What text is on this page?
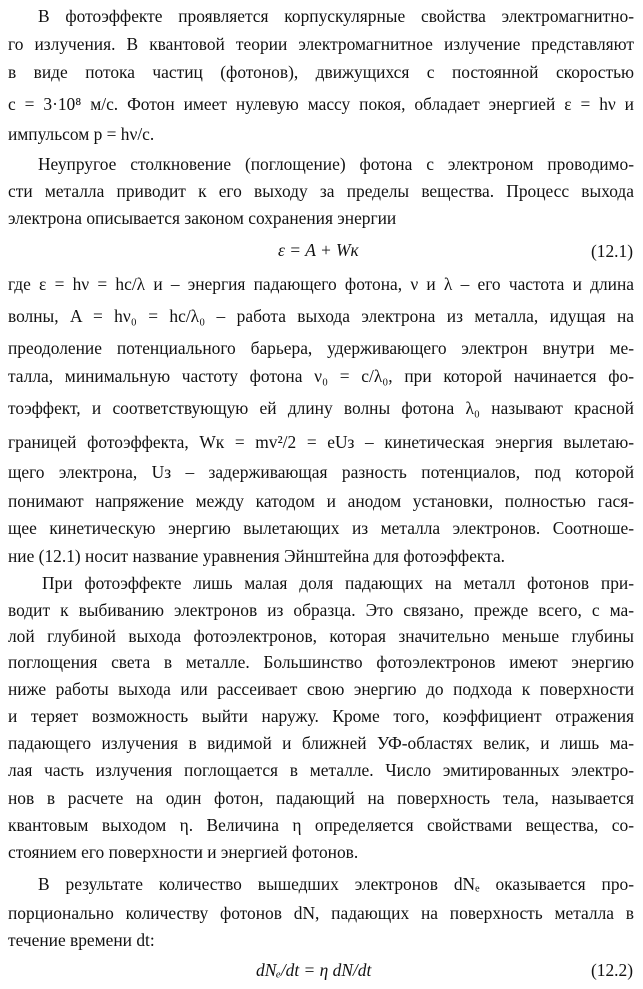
В фотоэффекте проявляется корпускулярные свойства электромагнитно-
го излучения. В квантовой теории электромагнитное излучение представляют
в виде потока частиц (фотонов), движущихся с постоянной скоростью
c = 3·10⁸ м/с. Фотон имеет нулевую массу покоя, обладает энергией ε = hν и
импульсом p = hν/c.
Неупругое столкновение (поглощение) фотона с электроном проводимо-
сти металла приводит к его выходу за пределы вещества. Процесс выхода
электрона описывается законом сохранения энергии
ε = A + Wк	(12.1)
где ε = hν = hc/λ и – энергия падающего фотона, ν и λ – его частота и длина
волны, A = hν₀ = hc/λ₀ – работа выхода электрона из металла, идущая на
преодоление потенциального барьера, удерживающего электрон внутри ме-
талла, минимальную частоту фотона ν₀ = c/λ₀, при которой начинается фо-
тоэффект, и соответствующую ей длину волны фотона λ₀ называют красной
границей фотоэффекта, Wк = mv²/2 = eUз – кинетическая энергия вылетаю-
щего электрона, Uз – задерживающая разность потенциалов, под которой
понимают напряжение между катодом и анодом установки, полностью гася-
щее кинетическую энергию вылетающих из металла электронов. Соотноше-
ние (12.1) носит название уравнения Эйнштейна для фотоэффекта.
При фотоэффекте лишь малая доля падающих на металл фотонов при-
водит к выбиванию электронов из образца. Это связано, прежде всего, с ма-
лой глубиной выхода фотоэлектронов, которая значительно меньше глубины
поглощения света в металле. Большинство фотоэлектронов имеют энергию
ниже работы выхода или рассеивает свою энергию до подхода к поверхности
и теряет возможность выйти наружу. Кроме того, коэффициент отражения
падающего излучения в видимой и ближней УФ-областях велик, и лишь ма-
лая часть излучения поглощается в металле. Число эмитированных электро-
нов в расчете на один фотон, падающий на поверхность тела, называется
квантовым выходом η. Величина η определяется свойствами вещества, со-
стоянием его поверхности и энергией фотонов.
В результате количество вышедших электронов dNₑ оказывается про-
порционально количеству фотонов dN, падающих на поверхность металла в
течение времени dt:
dNₑ/dt = η dN/dt	(12.2)
